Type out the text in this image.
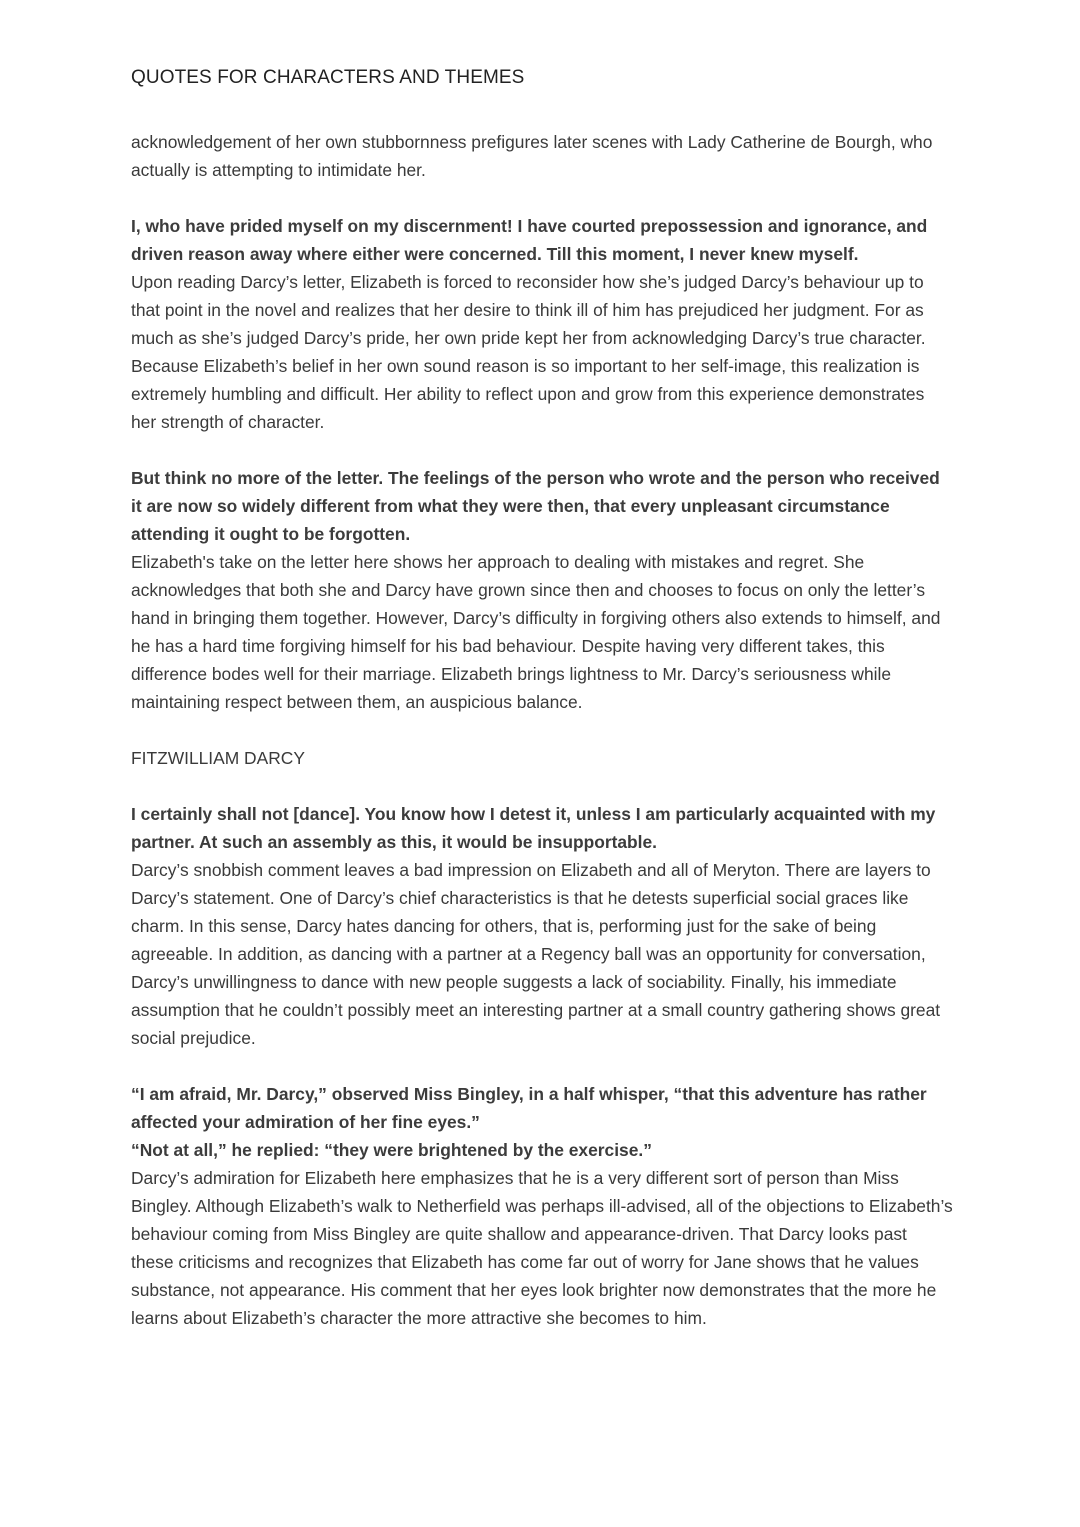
QUOTES FOR CHARACTERS AND THEMES

acknowledgement of her own stubbornness prefigures later scenes with Lady Catherine de Bourgh, who actually is attempting to intimidate her.

I, who have prided myself on my discernment! I have courted prepossession and ignorance, and driven reason away where either were concerned. Till this moment, I never knew myself.

Upon reading Darcy’s letter, Elizabeth is forced to reconsider how she’s judged Darcy’s behaviour up to that point in the novel and realizes that her desire to think ill of him has prejudiced her judgment. For as much as she’s judged Darcy’s pride, her own pride kept her from acknowledging Darcy’s true character. Because Elizabeth’s belief in her own sound reason is so important to her self-image, this realization is extremely humbling and difficult. Her ability to reflect upon and grow from this experience demonstrates her strength of character.

But think no more of the letter. The feelings of the person who wrote and the person who received it are now so widely different from what they were then, that every unpleasant circumstance attending it ought to be forgotten.

Elizabeth's take on the letter here shows her approach to dealing with mistakes and regret. She acknowledges that both she and Darcy have grown since then and chooses to focus on only the letter’s hand in bringing them together. However, Darcy’s difficulty in forgiving others also extends to himself, and he has a hard time forgiving himself for his bad behaviour. Despite having very different takes, this difference bodes well for their marriage. Elizabeth brings lightness to Mr. Darcy’s seriousness while maintaining respect between them, an auspicious balance.

FITZWILLIAM DARCY

I certainly shall not [dance]. You know how I detest it, unless I am particularly acquainted with my partner. At such an assembly as this, it would be insupportable.

Darcy’s snobbish comment leaves a bad impression on Elizabeth and all of Meryton. There are layers to Darcy’s statement. One of Darcy’s chief characteristics is that he detests superficial social graces like charm. In this sense, Darcy hates dancing for others, that is, performing just for the sake of being agreeable. In addition, as dancing with a partner at a Regency ball was an opportunity for conversation, Darcy’s unwillingness to dance with new people suggests a lack of sociability. Finally, his immediate assumption that he couldn’t possibly meet an interesting partner at a small country gathering shows great social prejudice.

“I am afraid, Mr. Darcy,” observed Miss Bingley, in a half whisper, “that this adventure has rather affected your admiration of her fine eyes.”

“Not at all,” he replied: “they were brightened by the exercise.”

Darcy’s admiration for Elizabeth here emphasizes that he is a very different sort of person than Miss Bingley. Although Elizabeth’s walk to Netherfield was perhaps ill-advised, all of the objections to Elizabeth’s behaviour coming from Miss Bingley are quite shallow and appearance-driven. That Darcy looks past these criticisms and recognizes that Elizabeth has come far out of worry for Jane shows that he values substance, not appearance. His comment that her eyes look brighter now demonstrates that the more he learns about Elizabeth’s character the more attractive she becomes to him.
